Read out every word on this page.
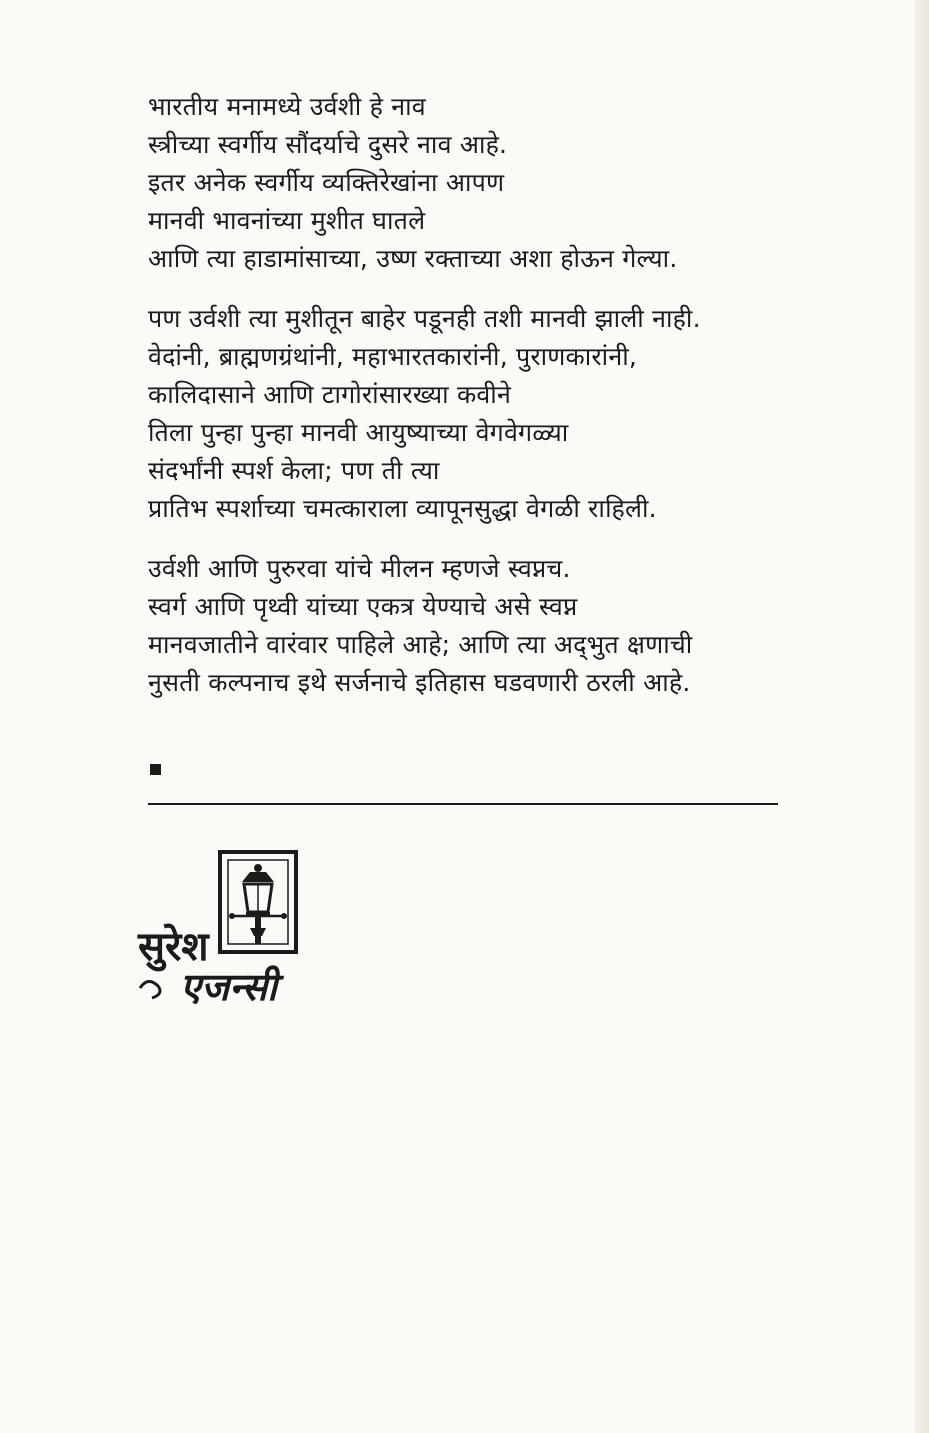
भारतीय मनामध्ये उर्वशी हे नाव
स्त्रीच्या स्वर्गीय सौंदर्याचे दुसरे नाव आहे.
इतर अनेक स्वर्गीय व्यक्तिरेखांना आपण
मानवी भावनांच्या मुशीत घातले
आणि त्या हाडामांसाच्या, उष्ण रक्ताच्या अशा होऊन गेल्या.

पण उर्वशी त्या मुशीतून बाहेर पडूनही तशी मानवी झाली नाही.
वेदांनी, ब्राह्मणग्रंथांनी, महाभारतकारांनी, पुराणकारांनी,
कालिदासाने आणि टागोरांसारख्या कवीने
तिला पुन्हा पुन्हा मानवी आयुष्याच्या वेगवेगळ्या
संदर्भांनी स्पर्श केला; पण ती त्या
प्रातिभ स्पर्शाच्या चमत्काराला व्यापूनसुद्धा वेगळी राहिली.

उर्वशी आणि पुरुरवा यांचे मीलन म्हणजे स्वप्नच.
स्वर्ग आणि पृथ्वी यांच्या एकत्र येण्याचे असे स्वप्न
मानवजातीने वारंवार पाहिले आहे; आणि त्या अद्‌भुत क्षणाची
नुसती कल्पनाच इथे सर्जनाचे इतिहास घडवणारी ठरली आहे.

सुरेश
एजन्सी
